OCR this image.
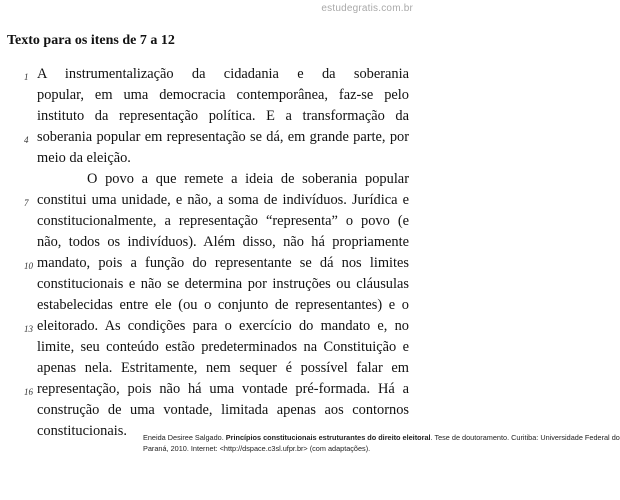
estudegratis.com.br
Texto para os itens de 7 a 12
1 A instrumentalização da cidadania e da soberania
popular, em uma democracia contemporânea, faz-se pelo
instituto da representação política. E a transformação da
4 soberania popular em representação se dá, em grande parte, por
meio da eleição.
O povo a que remete a ideia de soberania popular
7 constitui uma unidade, e não, a soma de indivíduos. Jurídica e
constitucionalmente, a representação “representa” o povo (e
não, todos os indivíduos). Além disso, não há propriamente
10 mandato, pois a função do representante se dá nos limites
constitucionais e não se determina por instruções ou cláusulas
estabelecidas entre ele (ou o conjunto de representantes) e o
13 eleitorado. As condições para o exercício do mandato e, no
limite, seu conteúdo estão predeterminados na Constituição e
apenas nela. Estritamente, nem sequer é possível falar em
16 representação, pois não há uma vontade pré-formada. Há a
construção de uma vontade, limitada apenas aos contornos
constitucionais.	Eneida Desiree Salgado. Princípios constitucionais estruturantes do direito eleitoral. Tese de doutoramento. Curitiba: Universidade Federal do
Paraná, 2010. Internet: <http://dspace.c3sl.ufpr.br> (com adaptações).
